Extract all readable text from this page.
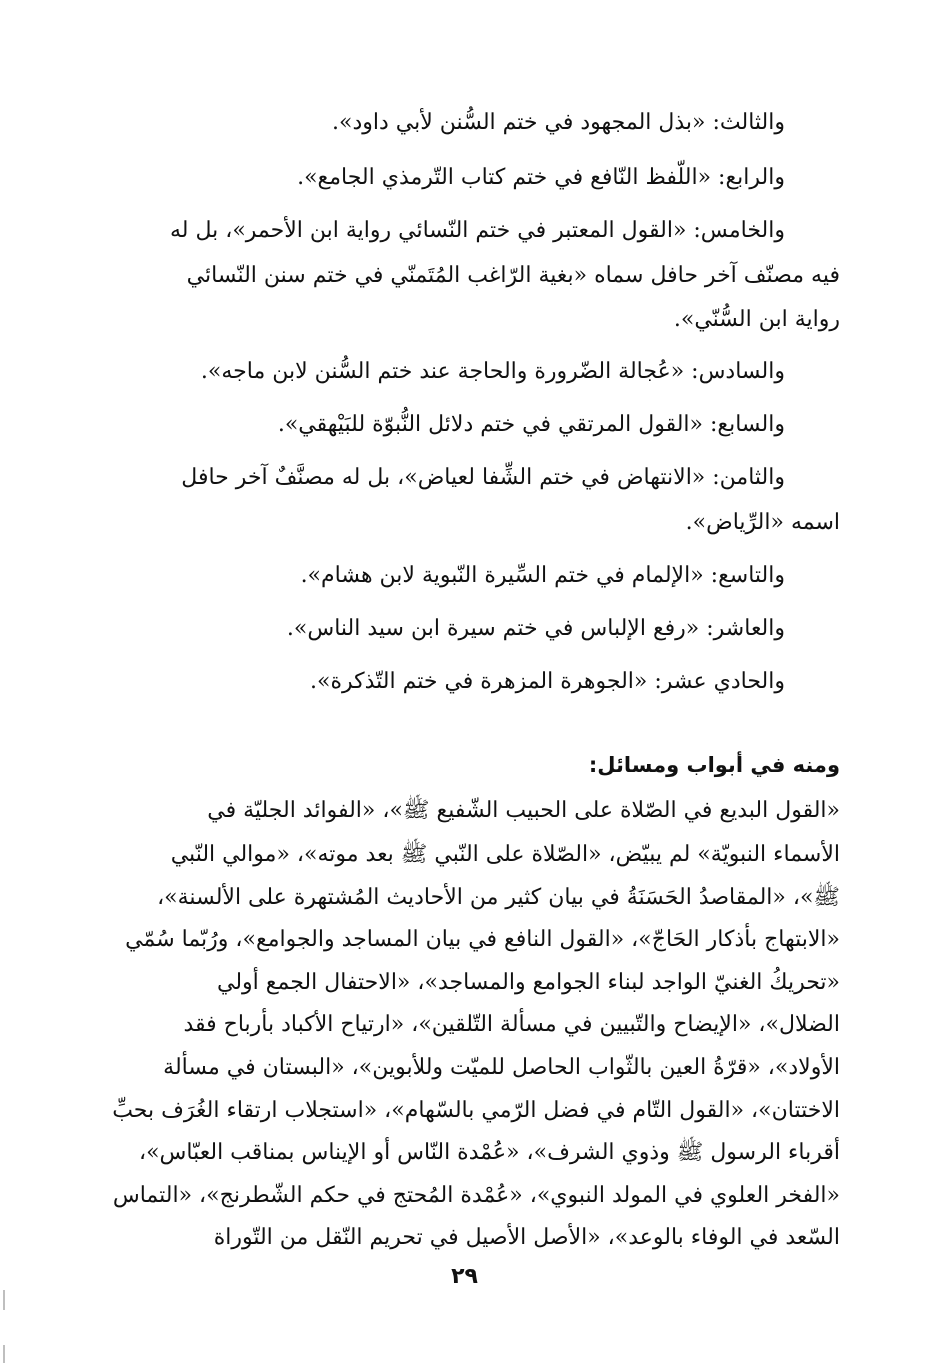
والثالث: «بذل المجهود في ختم السُّنن لأبي داود».
والرابع: «اللّفظ النّافع في ختم كتاب التّرمذي الجامع».
والخامس: «القول المعتبر في ختم النّسائي رواية ابن الأحمر»، بل له
فيه مصنّف آخر حافل سماه «بغية الرّاغب المُتَمنّي في ختم سنن النّسائي
رواية ابن السُّنّي».
والسادس: «عُجالة الضّرورة والحاجة عند ختم السُّنن لابن ماجه».
والسابع: «القول المرتقي في ختم دلائل النُّبوّة للبَيْهقي».
والثامن: «الانتهاض في ختم الشِّفا لعياض»، بل له مصنَّفٌ آخر حافل
اسمه «الرِّياض».
والتاسع: «الإلمام في ختم السِّيرة النّبوية لابن هشام».
والعاشر: «رفع الإلباس في ختم سيرة ابن سيد الناس».
والحادي عشر: «الجوهرة المزهرة في ختم التّذكرة».
ومنه في أبواب ومسائل:
«القول البديع في الصّلاة على الحبيب الشّفيع ﷺ»، «الفوائد الجليّة في
الأسماء النبويّة» لم يبيّض، «الصّلاة على النّبي ﷺ بعد موته»، «موالي النّبي
ﷺ»، «المقاصدُ الحَسَنَةُ في بيان كثير من الأحاديث المُشتهرة على الألسنة»،
«الابتهاج بأذكار الحَاجّ»، «القول النافع في بيان المساجد والجوامع»، ورُبّما سُمّي
«تحريكُ الغنيّ الواجد لبناء الجوامع والمساجد»، «الاحتفال الجمع أولي
الضلال»، «الإيضاح والتّبيين في مسألة التّلقين»، «ارتياح الأكباد بأرباح فقد
الأولاد»، «قرّةُ العين بالثّواب الحاصل للميّت وللأبوين»، «البستان في مسألة
الاختتان»، «القول التّام في فضل الرّمي بالسّهام»، «استجلاب ارتقاء الغُرَف بحبِّ
أقرباء الرسول ﷺ وذوي الشرف»، «عُمْدة النّاس أو الإيناس بمناقب العبّاس»،
«الفخر العلوي في المولد النبوي»، «عُمْدة المُحتج في حكم الشّطرنج»، «التماس
السّعد في الوفاء بالوعد»، «الأصل الأصيل في تحريم النّقل من التّوراة
٢٩
